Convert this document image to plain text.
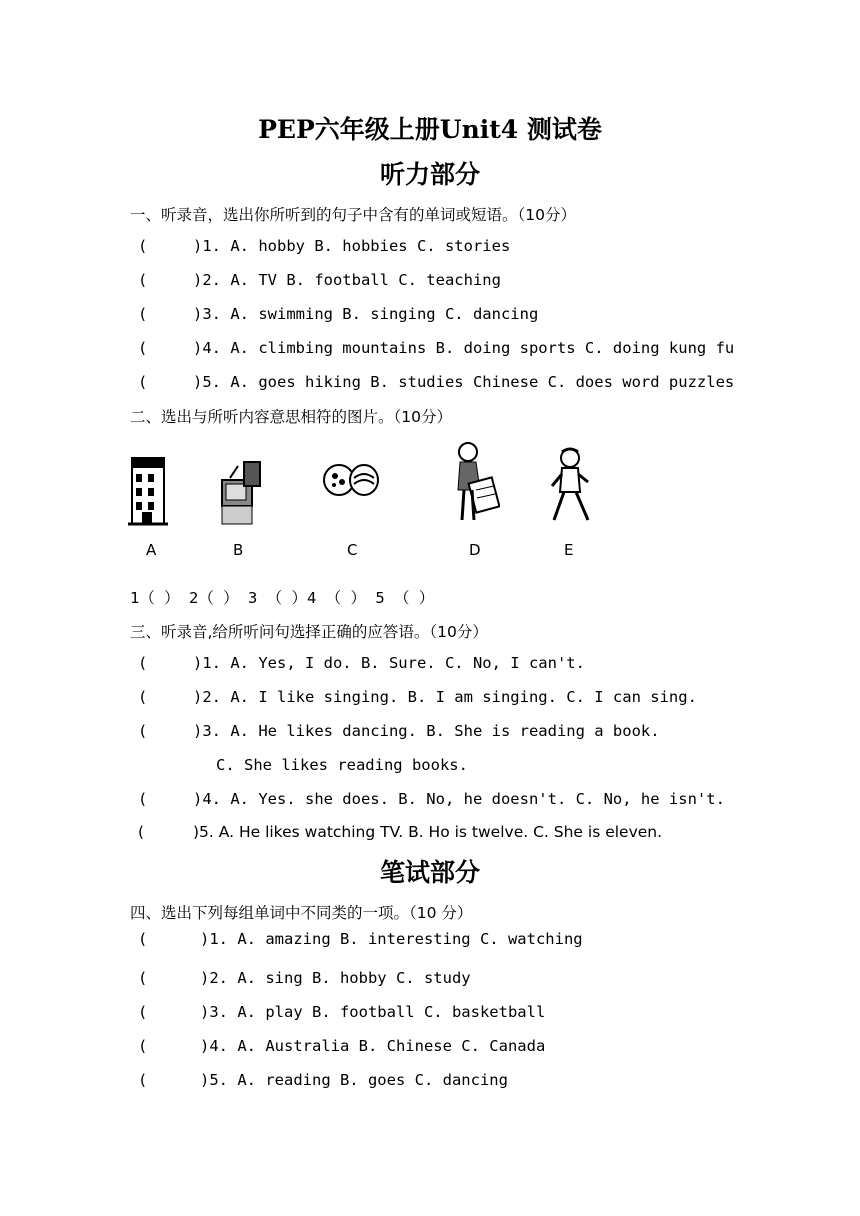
PEP六年级上册Unit4 测试卷
听力部分
一、听录音，选出你所听到的句子中含有的单词或短语。（10分）
(	)1. A. hobby B. hobbies C. stories
(	)2. A. TV B. football C. teaching
(	)3. A. swimming B. singing C. dancing
(	)4. A. climbing mountains B. doing sports C. doing kung fu
(	)5. A. goes hiking B. studies Chinese C. does word puzzles
二、选出与所听内容意思相符的图片。（10分）
A	B	C	D	E
1（ ） 2（ ） 3 （ ）4 （ ） 5 （ ）
三、听录音,给所听问句选择正确的应答语。（10分）
(	)1. A. Yes, I do. B. Sure. C. No, I can't.
(	)2. A. I like singing. B. I am singing. C. I can sing.
(	)3. A. He likes dancing. B. She is reading a book.
C. She likes reading books.
(	)4. A. Yes. she does. B. No, he doesn't. C. No, he isn't.
(	)5. A. He likes watching TV. B. Ho is twelve. C. She is eleven.
笔试部分
四、选出下列每组单词中不同类的一项。（10 分）
(	)1. A. amazing B. interesting C. watching
(	)2. A. sing B. hobby C. study
(	)3. A. play B. football C. basketball
(	)4. A. Australia B. Chinese C. Canada
(	)5. A. reading B. goes C. dancing
